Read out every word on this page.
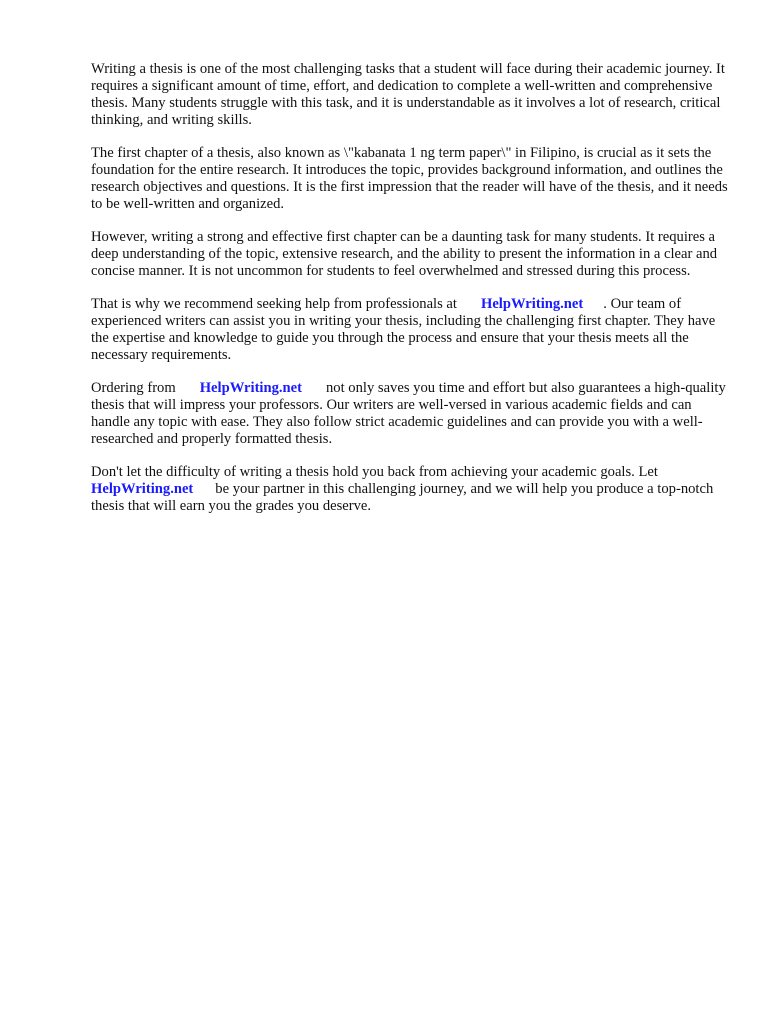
Writing a thesis is one of the most challenging tasks that a student will face during their academic journey. It requires a significant amount of time, effort, and dedication to complete a well-written and comprehensive thesis. Many students struggle with this task, and it is understandable as it involves a lot of research, critical thinking, and writing skills.

The first chapter of a thesis, also known as \"kabanata 1 ng term paper\" in Filipino, is crucial as it sets the foundation for the entire research. It introduces the topic, provides background information, and outlines the research objectives and questions. It is the first impression that the reader will have of the thesis, and it needs to be well-written and organized.

However, writing a strong and effective first chapter can be a daunting task for many students. It requires a deep understanding of the topic, extensive research, and the ability to present the information in a clear and concise manner. It is not uncommon for students to feel overwhelmed and stressed during this process.

That is why we recommend seeking help from professionals at HelpWriting.net . Our team of experienced writers can assist you in writing your thesis, including the challenging first chapter. They have the expertise and knowledge to guide you through the process and ensure that your thesis meets all the necessary requirements.

Ordering from HelpWriting.net not only saves you time and effort but also guarantees a high-quality thesis that will impress your professors. Our writers are well-versed in various academic fields and can handle any topic with ease. They also follow strict academic guidelines and can provide you with a well-researched and properly formatted thesis.

Don't let the difficulty of writing a thesis hold you back from achieving your academic goals. Let HelpWriting.net be your partner in this challenging journey, and we will help you produce a top-notch thesis that will earn you the grades you deserve.
